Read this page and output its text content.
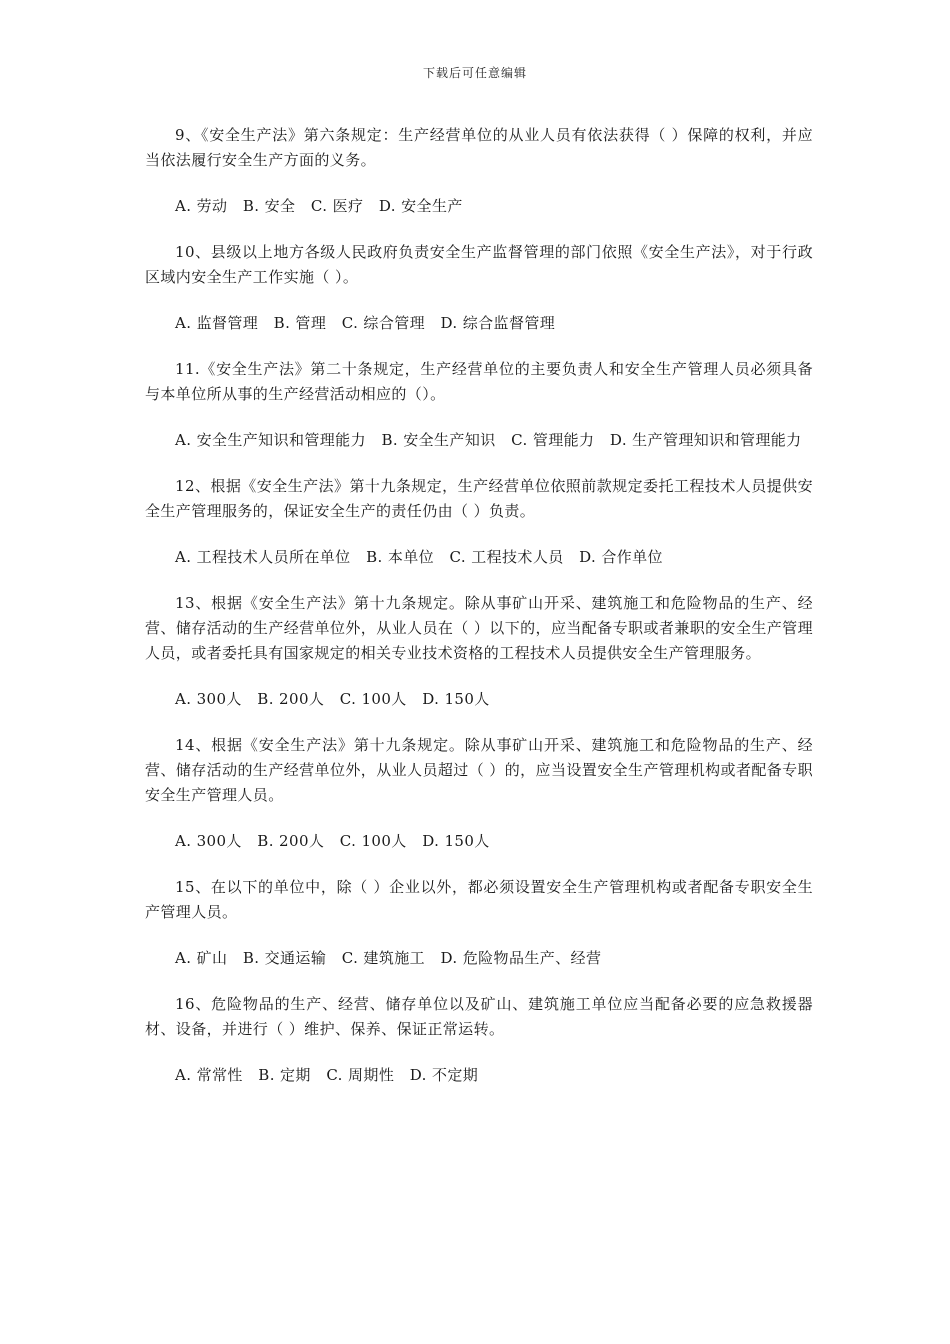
下载后可任意编辑

9、《安全生产法》第六条规定：生产经营单位的从业人员有依法获得（ ）保障的权利，并应当依法履行安全生产方面的义务。

A. 劳动   B. 安全   C. 医疗   D. 安全生产

10、县级以上地方各级人民政府负责安全生产监督管理的部门依照《安全生产法》，对于行政区域内安全生产工作实施（ ）。

A. 监督管理   B. 管理   C. 综合管理   D. 综合监督管理

11.《安全生产法》第二十条规定，生产经营单位的主要负责人和安全生产管理人员必须具备与本单位所从事的生产经营活动相应的（）。

A. 安全生产知识和管理能力   B. 安全生产知识   C. 管理能力   D. 生产管理知识和管理能力

12、根据《安全生产法》第十九条规定，生产经营单位依照前款规定委托工程技术人员提供安全生产管理服务的，保证安全生产的责任仍由（ ）负责。

A. 工程技术人员所在单位   B. 本单位   C. 工程技术人员   D. 合作单位

13、根据《安全生产法》第十九条规定。除从事矿山开采、建筑施工和危险物品的生产、经营、储存活动的生产经营单位外，从业人员在（ ）以下的，应当配备专职或者兼职的安全生产管理人员，或者委托具有国家规定的相关专业技术资格的工程技术人员提供安全生产管理服务。

A. 300人   B. 200人   C. 100人   D. 150人

14、根据《安全生产法》第十九条规定。除从事矿山开采、建筑施工和危险物品的生产、经营、储存活动的生产经营单位外，从业人员超过（ ）的，应当设置安全生产管理机构或者配备专职安全生产管理人员。

A. 300人   B. 200人   C. 100人   D. 150人

15、在以下的单位中，除（ ）企业以外，都必须设置安全生产管理机构或者配备专职安全生产管理人员。

A. 矿山   B. 交通运输   C. 建筑施工   D. 危险物品生产、经营

16、危险物品的生产、经营、储存单位以及矿山、建筑施工单位应当配备必要的应急救援器材、设备，并进行（ ）维护、保养、保证正常运转。

A. 常常性   B. 定期   C. 周期性   D. 不定期
